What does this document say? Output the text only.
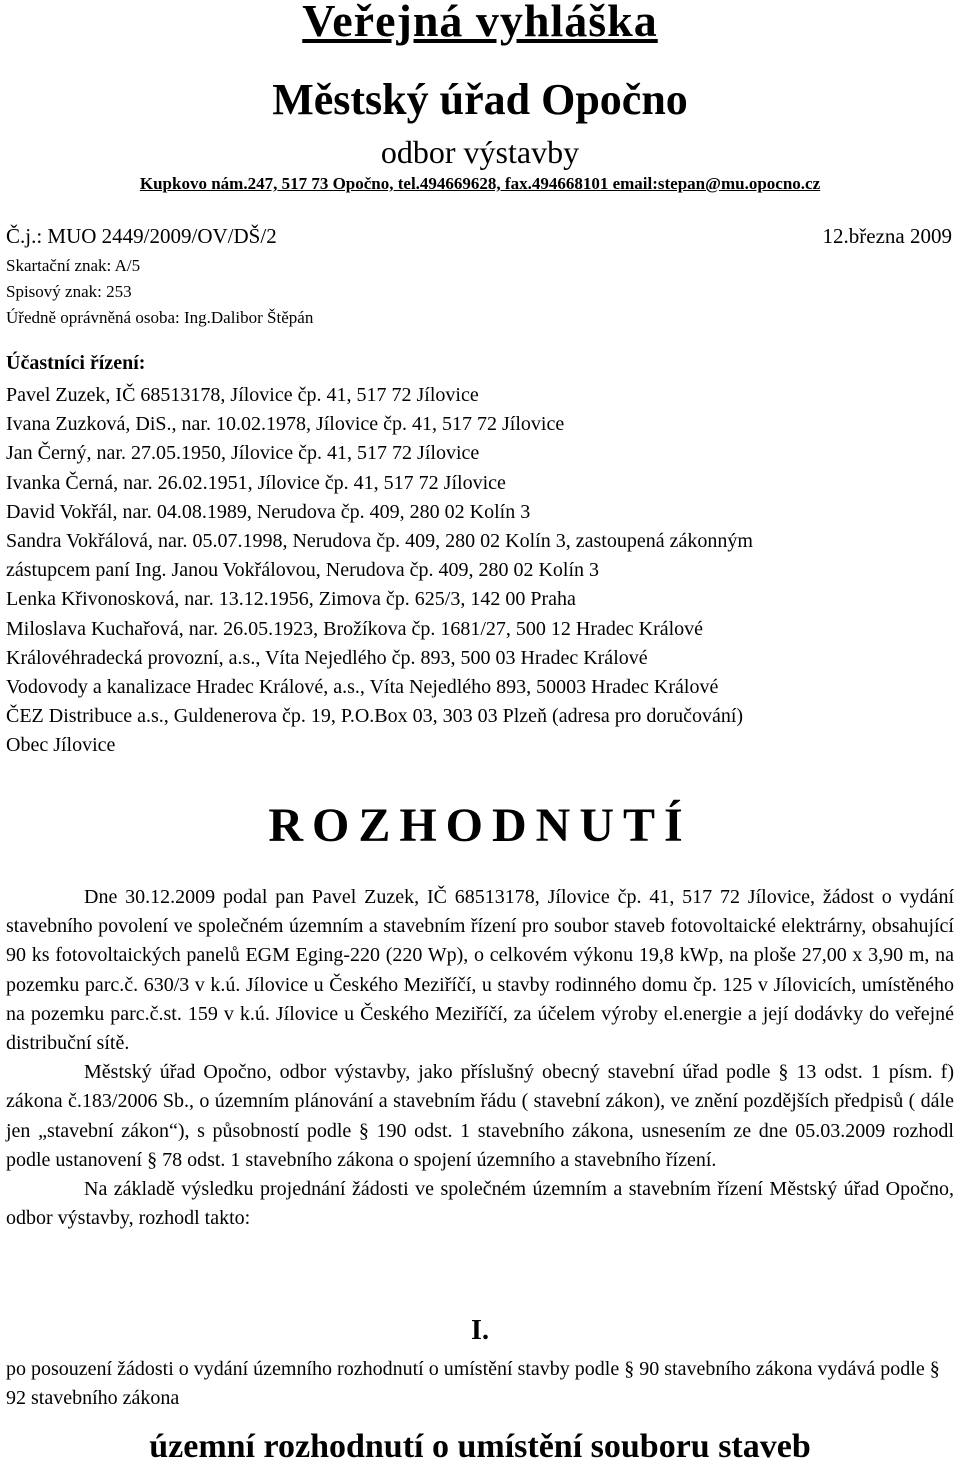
Veřejná vyhláška
Městský úřad Opočno
odbor výstavby
Kupkovo nám.247, 517 73 Opočno, tel.494669628, fax.494668101 email:stepan@mu.opocno.cz
Č.j.: MUO 2449/2009/OV/DŠ/2	12.března 2009
Skartační znak: A/5
Spisový znak: 253
Úředně oprávněná osoba: Ing.Dalibor Štěpán
Účastníci řízení:
Pavel Zuzek, IČ 68513178, Jílovice čp. 41, 517 72 Jílovice
Ivana Zuzková, DiS., nar. 10.02.1978, Jílovice čp. 41, 517 72 Jílovice
Jan Černý, nar. 27.05.1950, Jílovice čp. 41, 517 72 Jílovice
Ivanka Černá, nar. 26.02.1951, Jílovice čp. 41, 517 72 Jílovice
David Vokřál, nar. 04.08.1989, Nerudova čp. 409, 280 02 Kolín 3
Sandra Vokřálová, nar. 05.07.1998, Nerudova čp. 409, 280 02 Kolín 3, zastoupená zákonným
zástupcem paní Ing. Janou Vokřálovou, Nerudova čp. 409, 280 02 Kolín 3
Lenka Křivonosková, nar. 13.12.1956, Zimova čp. 625/3, 142 00 Praha
Miloslava Kuchařová, nar. 26.05.1923, Brožíkova čp. 1681/27, 500 12 Hradec Králové
Královéhradecká provozní, a.s., Víta Nejedlého čp. 893, 500 03 Hradec Králové
Vodovody a kanalizace Hradec Králové, a.s., Víta Nejedlého 893, 50003 Hradec Králové
ČEZ Distribuce a.s., Guldenerova čp. 19, P.O.Box 03, 303 03 Plzeň (adresa pro doručování)
Obec Jílovice
ROZHODNUTÍ

Dne 30.12.2009 podal pan Pavel Zuzek, IČ 68513178, Jílovice čp. 41, 517 72 Jílovice, žádost o vydání stavebního povolení ve společném územním a stavebním řízení pro soubor staveb fotovoltaické elektrárny, obsahující 90 ks fotovoltaických panelů EGM Eging-220 (220 Wp), o celkovém výkonu 19,8 kWp, na ploše 27,00 x 3,90 m, na pozemku parc.č. 630/3 v k.ú. Jílovice u Českého Meziříčí, u stavby rodinného domu čp. 125 v Jílovicích, umístěného na pozemku parc.č.st. 159 v k.ú. Jílovice u Českého Meziříčí, za účelem výroby el.energie a její dodávky do veřejné distribuční sítě.

Městský úřad Opočno, odbor výstavby, jako příslušný obecný stavební úřad podle § 13 odst. 1 písm. f) zákona č.183/2006 Sb., o územním plánování a stavebním řádu ( stavební zákon), ve znění pozdějších předpisů ( dále jen „stavební zákon“), s působností podle § 190 odst. 1 stavebního zákona, usnesením ze dne 05.03.2009 rozhodl podle ustanovení § 78 odst. 1 stavebního zákona o spojení územního a stavebního řízení.

Na základě výsledku projednání žádosti ve společném územním a stavebním řízení Městský úřad Opočno, odbor výstavby, rozhodl takto:

I.

po posouzení žádosti o vydání územního rozhodnutí o umístění stavby podle § 90 stavebního zákona vydává podle § 92 stavebního zákona

územní rozhodnutí o umístění souboru staveb
